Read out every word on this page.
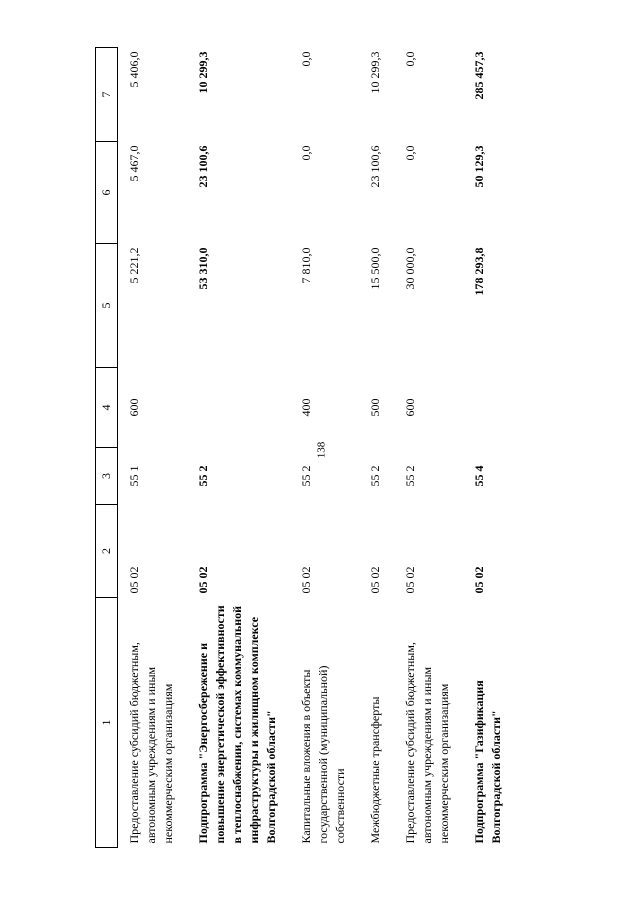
138
1	2	3	4	5	6	7
Предоставление субсидий бюджетным, автономным учреждениям и иным некоммерческим организациям	05 02	55 1	600	5 221,2	5 467,0	5 406,0
Подпрограмма "Энергосбережение и повышение энергетической эффективности в теплоснабжении, системах коммунальной инфраструктуры и жилищном комплексе Волгоградской области"	05 02	55 2		53 310,0	23 100,6	10 299,3
Капитальные вложения в объекты государственной (муниципальной) собственности	05 02	55 2	400	7 810,0	0,0	0,0
Межбюджетные трансферты	05 02	55 2	500	15 500,0	23 100,6	10 299,3
Предоставление субсидий бюджетным, автономным учреждениям и иным некоммерческим организациям	05 02	55 2	600	30 000,0	0,0	0,0
Подпрограмма "Газификация Волгоградской области"	05 02	55 4		178 293,8	50 129,3	285 457,3
